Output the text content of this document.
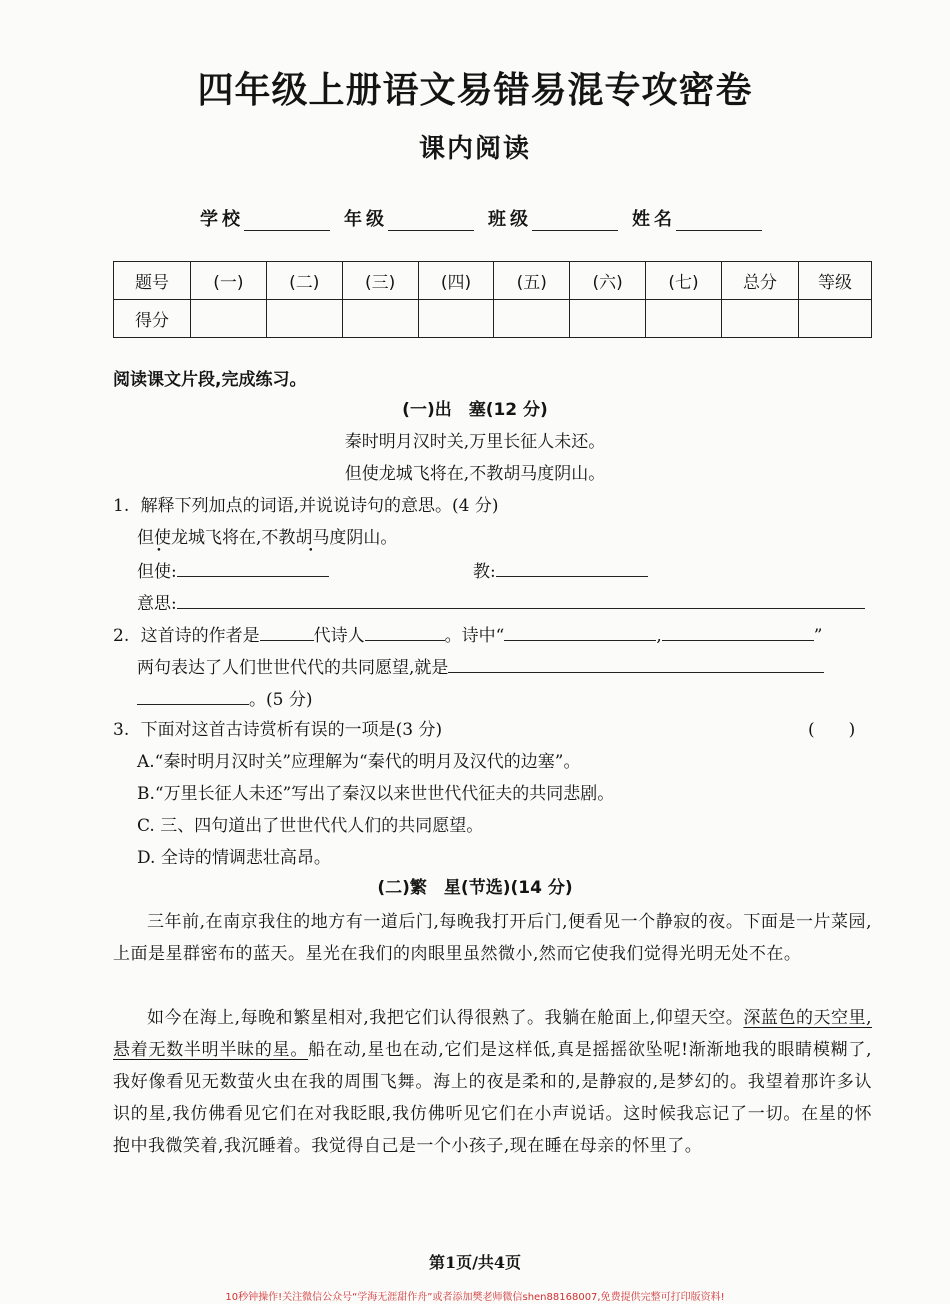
四年级上册语文易错易混专攻密卷
课内阅读
学校	年级	班级	姓名
题号	(一)	(二)	(三)	(四)	(五)	(六)	(七)	总分	等级
得分									
阅读课文片段,完成练习。
(一)出　塞(12 分)
秦时明月汉时关,万里长征人未还。
但使龙城飞将在,不教胡马度阴山。
1. 解释下列加点的词语,并说说诗句的意思。(4 分)
但使龙城飞将在,不教胡马度阴山。
•
•
但使:	教:
意思:
2. 这首诗的作者是	代诗人	。诗中“	,	”
两句表达了人们世世代代的共同愿望,就是
。(5 分)
3. 下面对这首古诗赏析有误的一项是(3 分)	(　　)
A.“秦时明月汉时关”应理解为“秦代的明月及汉代的边塞”。
B.“万里长征人未还”写出了秦汉以来世世代代征夫的共同悲剧。
C. 三、四句道出了世世代代人们的共同愿望。
D. 全诗的情调悲壮高昂。
(二)繁　星(节选)(14 分)
三年前,在南京我住的地方有一道后门,每晚我打开后门,便看见一个静寂的夜。下面是一片菜园,上面是星群密布的蓝天。星光在我们的肉眼里虽然微小,然而它使我们觉得光明无处不在。
如今在海上,每晚和繁星相对,我把它们认得很熟了。我躺在舱面上,仰望天空。深蓝色的天空里,悬着无数半明半昧的星。船在动,星也在动,它们是这样低,真是摇摇欲坠呢!渐渐地我的眼睛模糊了,我好像看见无数萤火虫在我的周围飞舞。海上的夜是柔和的,是静寂的,是梦幻的。我望着那许多认识的星,我仿佛看见它们在对我眨眼,我仿佛听见它们在小声说话。这时候我忘记了一切。在星的怀抱中我微笑着,我沉睡着。我觉得自己是一个小孩子,现在睡在母亲的怀里了。
第1页/共4页
10秒钟操作!关注微信公众号“学海无涯甜作舟”或者添加樊老师微信shen88168007,免费提供完整可打印版资料!
